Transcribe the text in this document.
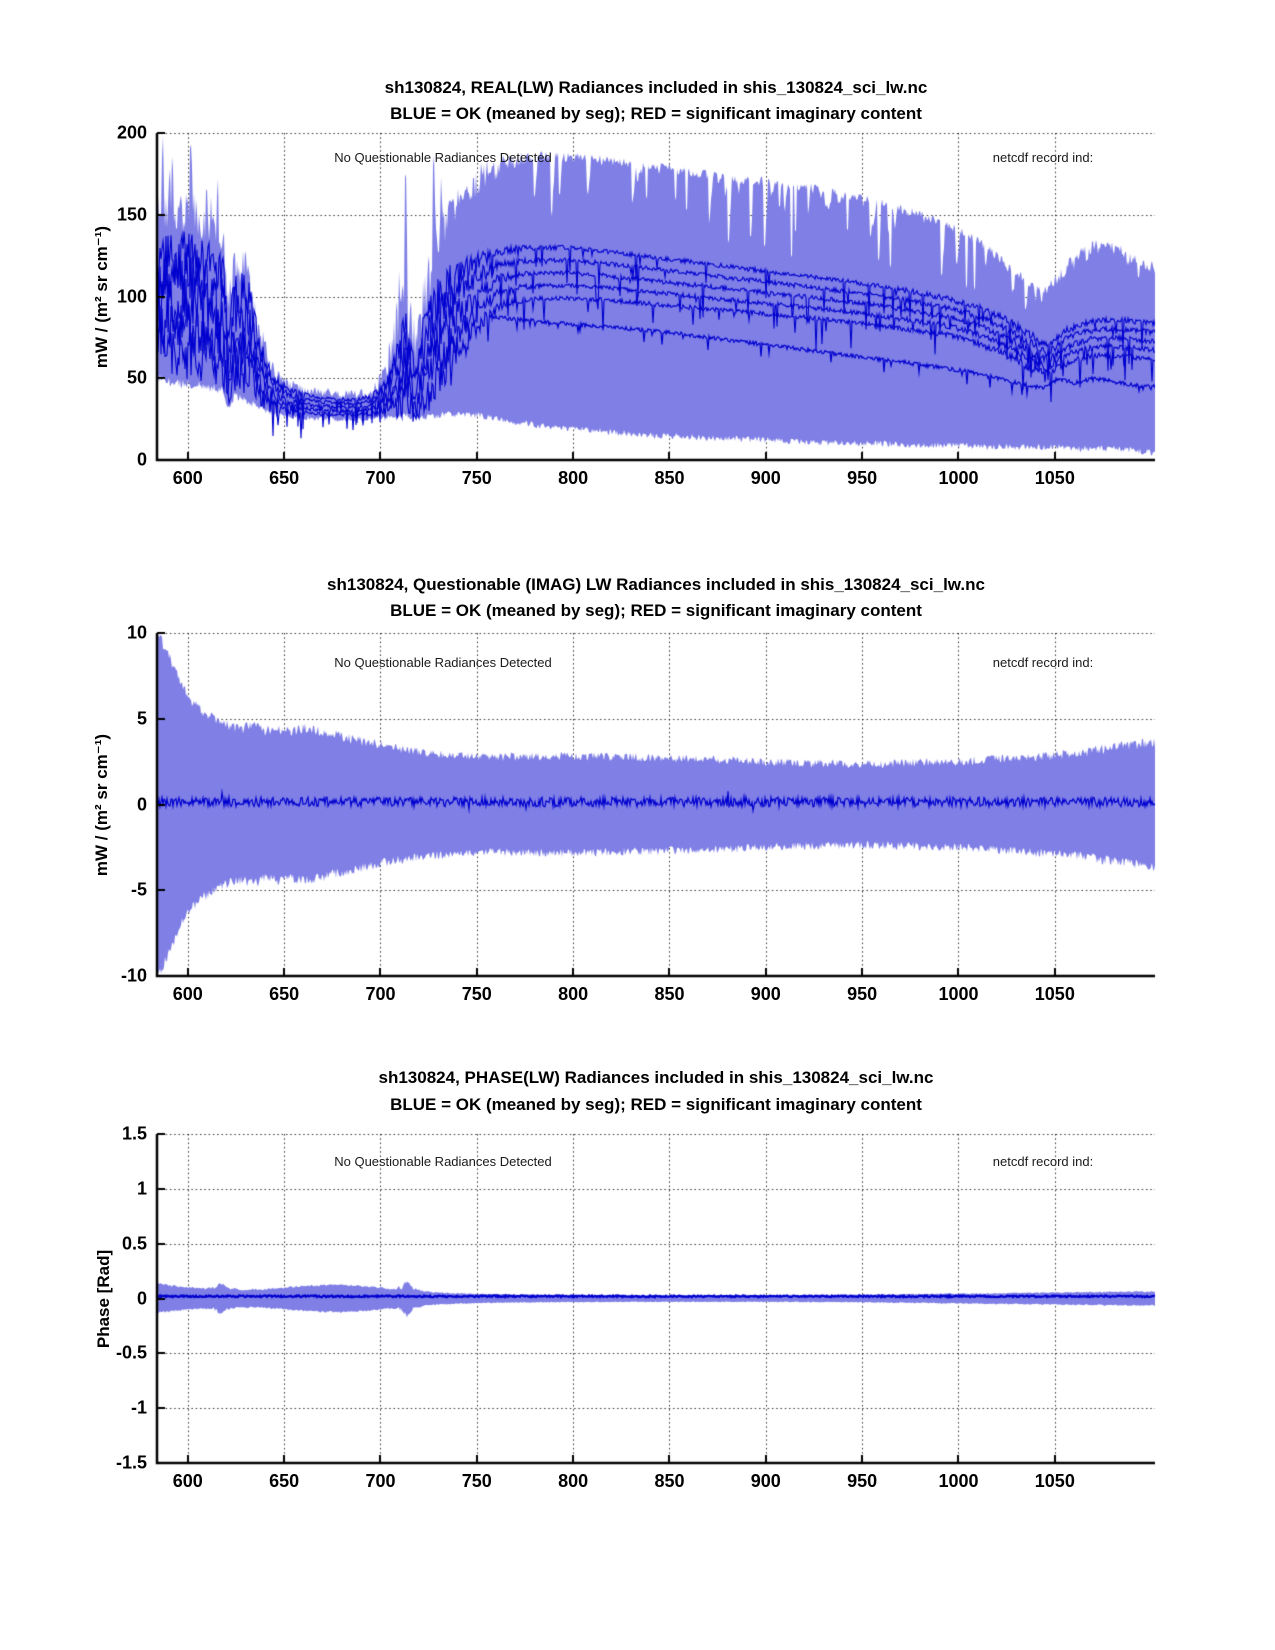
sh130824, REAL(LW) Radiances included in shis_130824_sci_lw.nc
BLUE = OK (meaned by seg); RED = significant imaginary content
No Questionable Radiances Detected	netcdf record ind:
mW / (m² sr cm⁻¹)
600	650	700	750	800	850	900	950	1000	1050
0
50
100
150
200
sh130824, Questionable (IMAG) LW Radiances included in shis_130824_sci_lw.nc
BLUE = OK (meaned by seg); RED = significant imaginary content
No Questionable Radiances Detected	netcdf record ind:
mW / (m² sr cm⁻¹)
600	650	700	750	800	850	900	950	1000	1050
-10
-5
0
5
10
sh130824, PHASE(LW) Radiances included in shis_130824_sci_lw.nc
BLUE = OK (meaned by seg); RED = significant imaginary content
No Questionable Radiances Detected	netcdf record ind:
Phase [Rad]
600	650	700	750	800	850	900	950	1000	1050
-1.5
-1
-0.5
0
0.5
1
1.5
